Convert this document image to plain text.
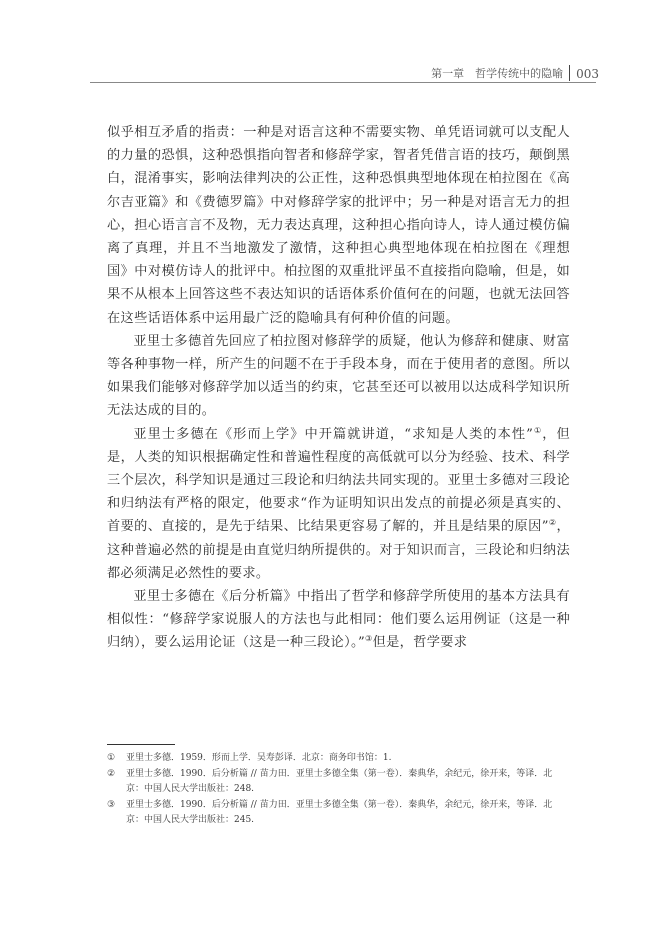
第一章　哲学传统中的隐喻	003

似乎相互矛盾的指责：一种是对语言这种不需要实物、单凭语词就可以支配人的力量的恐惧，这种恐惧指向智者和修辞学家，智者凭借言语的技巧，颠倒黑白，混淆事实，影响法律判决的公正性，这种恐惧典型地体现在柏拉图在《高尔吉亚篇》和《费德罗篇》中对修辞学家的批评中；另一种是对语言无力的担心，担心语言言不及物，无力表达真理，这种担心指向诗人，诗人通过模仿偏离了真理，并且不当地激发了激情，这种担心典型地体现在柏拉图在《理想国》中对模仿诗人的批评中。柏拉图的双重批评虽不直接指向隐喻，但是，如果不从根本上回答这些不表达知识的话语体系价值何在的问题，也就无法回答在这些话语体系中运用最广泛的隐喻具有何种价值的问题。

亚里士多德首先回应了柏拉图对修辞学的质疑，他认为修辞和健康、财富等各种事物一样，所产生的问题不在于手段本身，而在于使用者的意图。所以如果我们能够对修辞学加以适当的约束，它甚至还可以被用以达成科学知识所无法达成的目的。

亚里士多德在《形而上学》中开篇就讲道，“求知是人类的本性”①，但是，人类的知识根据确定性和普遍性程度的高低就可以分为经验、技术、科学三个层次，科学知识是通过三段论和归纳法共同实现的。亚里士多德对三段论和归纳法有严格的限定，他要求“作为证明知识出发点的前提必须是真实的、首要的、直接的，是先于结果、比结果更容易了解的，并且是结果的原因”②，这种普遍必然的前提是由直觉归纳所提供的。对于知识而言，三段论和归纳法都必须满足必然性的要求。

亚里士多德在《后分析篇》中指出了哲学和修辞学所使用的基本方法具有相似性：“修辞学家说服人的方法也与此相同：他们要么运用例证（这是一种归纳），要么运用论证（这是一种三段论）。”③但是，哲学要求

①	亚里士多德．1959．形而上学．吴寿彭译．北京：商务印书馆：1.
②	亚里士多德．1990．后分析篇 // 苗力田．亚里士多德全集（第一卷）．秦典华，余纪元，徐开来，等译．北京：中国人民大学出版社：248.
③	亚里士多德．1990．后分析篇 // 苗力田．亚里士多德全集（第一卷）．秦典华，余纪元，徐开来，等译．北京：中国人民大学出版社：245.
